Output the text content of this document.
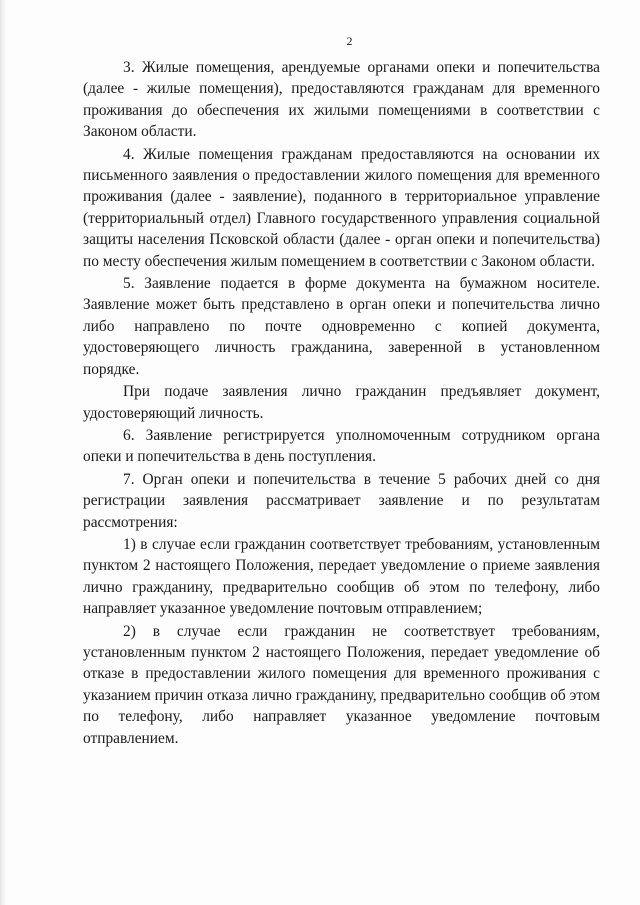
2

3. Жилые помещения, арендуемые органами опеки и попечительства (далее - жилые помещения), предоставляются гражданам для временного проживания до обеспечения их жилыми помещениями в соответствии с Законом области.

4. Жилые помещения гражданам предоставляются на основании их письменного заявления о предоставлении жилого помещения для временного проживания (далее - заявление), поданного в территориальное управление (территориальный отдел) Главного государственного управления социальной защиты населения Псковской области (далее - орган опеки и попечительства) по месту обеспечения жилым помещением в соответствии с Законом области.

5. Заявление подается в форме документа на бумажном носителе. Заявление может быть представлено в орган опеки и попечительства лично либо направлено по почте одновременно с копией документа, удостоверяющего личность гражданина, заверенной в установленном порядке.

При подаче заявления лично гражданин предъявляет документ, удостоверяющий личность.

6. Заявление регистрируется уполномоченным сотрудником органа опеки и попечительства в день поступления.

7. Орган опеки и попечительства в течение 5 рабочих дней со дня регистрации заявления рассматривает заявление и по результатам рассмотрения:

1) в случае если гражданин соответствует требованиям, установленным пунктом 2 настоящего Положения, передает уведомление о приеме заявления лично гражданину, предварительно сообщив об этом по телефону, либо направляет указанное уведомление почтовым отправлением;

2) в случае если гражданин не соответствует требованиям, установленным пунктом 2 настоящего Положения, передает уведомление об отказе в предоставлении жилого помещения для временного проживания с указанием причин отказа лично гражданину, предварительно сообщив об этом по телефону, либо направляет указанное уведомление почтовым отправлением.
